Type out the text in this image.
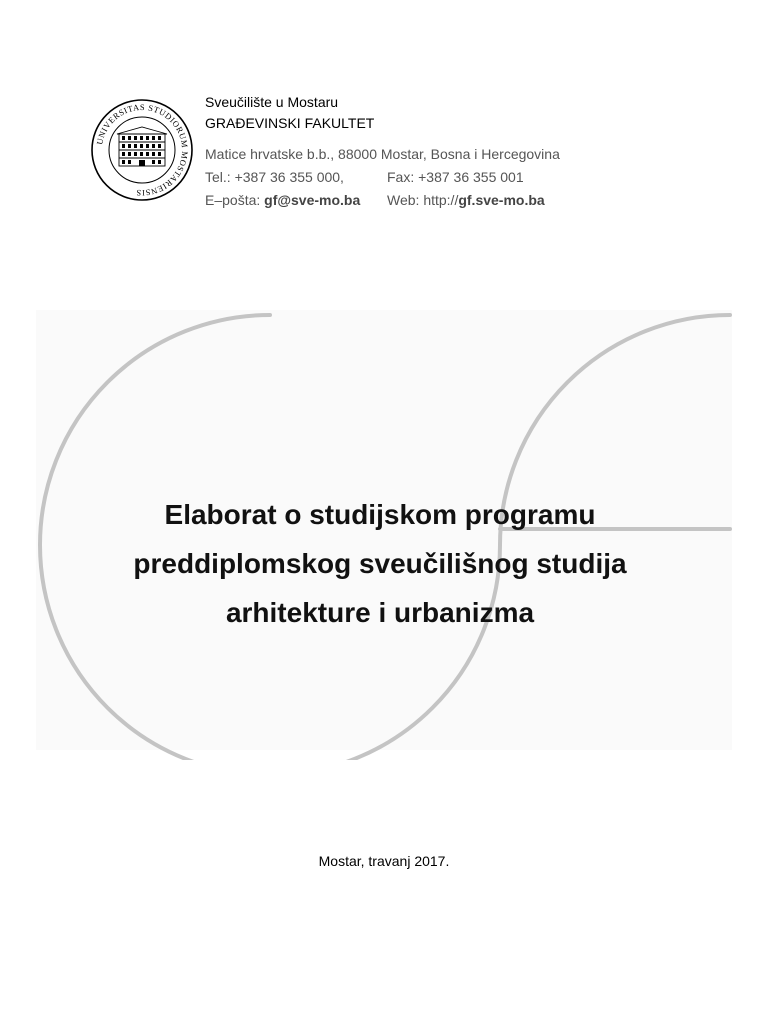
UNIVERSITAS STUDIORUM MOSTARIENSIS
Sveučilište u Mostaru
GRAĐEVINSKI FAKULTET
Matice hrvatske b.b., 88000 Mostar, Bosna i Hercegovina
Tel.: +387 36 355 000,	Fax: +387 36 355 001
E–pošta: gf@sve-mo.ba Web: http://gf.sve-mo.ba
Elaborat o studijskom programu
preddiplomskog sveučilišnog studija
arhitekture i urbanizma
Mostar, travanj 2017.
